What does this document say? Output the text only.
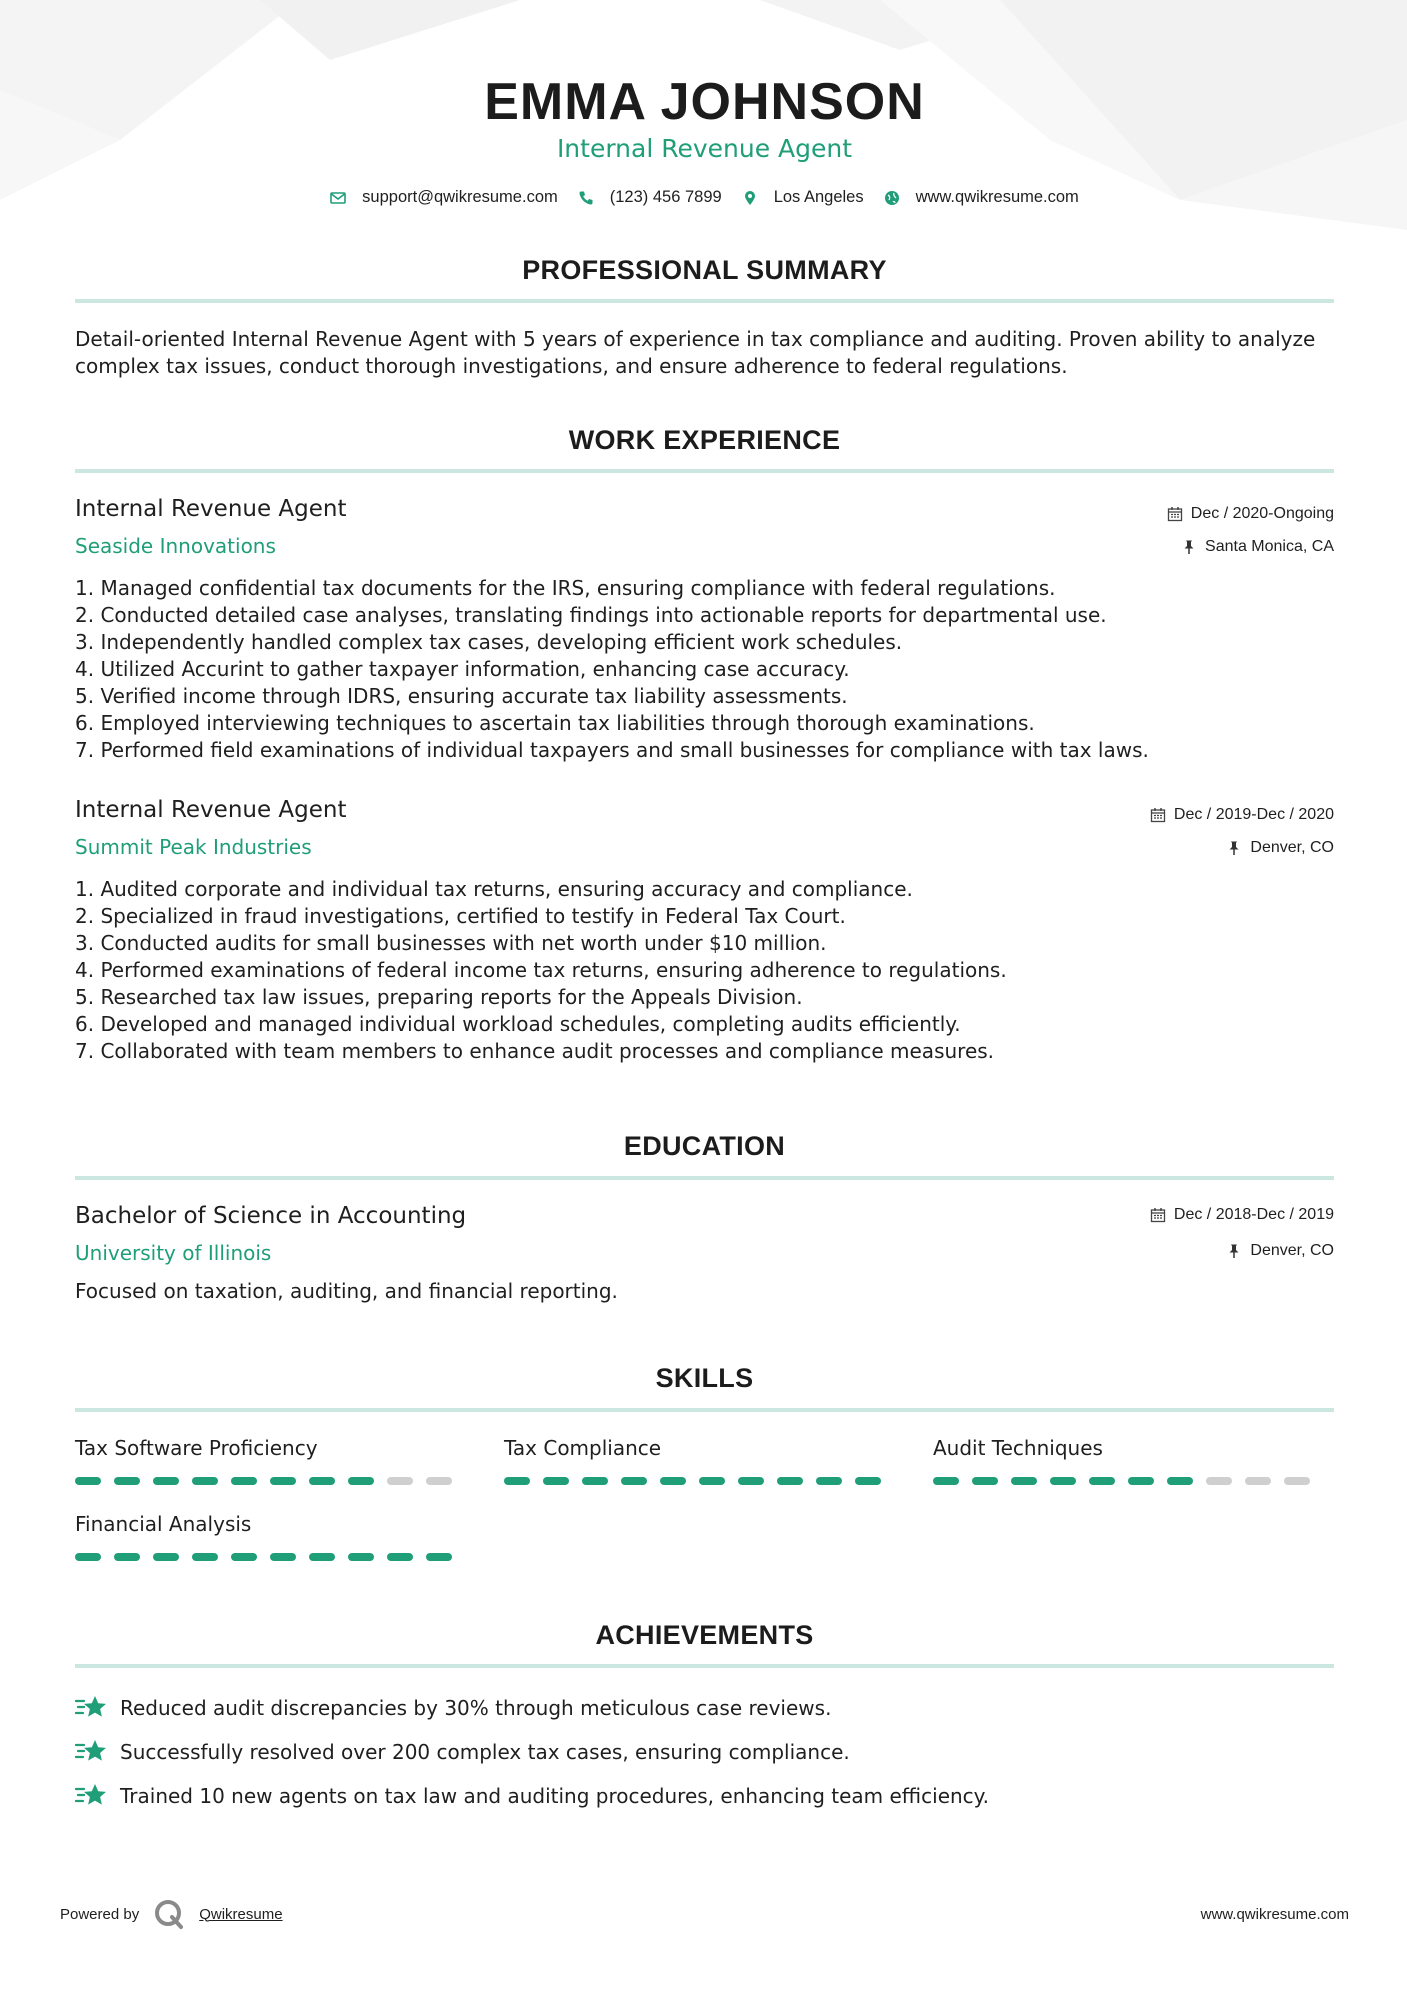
EMMA JOHNSON
Internal Revenue Agent
support@qwikresume.com	(123) 456 7899	Los Angeles	www.qwikresume.com
PROFESSIONAL SUMMARY
Detail-oriented Internal Revenue Agent with 5 years of experience in tax compliance and auditing. Proven ability to analyze complex tax issues, conduct thorough investigations, and ensure adherence to federal regulations.
WORK EXPERIENCE
Internal Revenue Agent
Seaside Innovations
Dec / 2020-Ongoing
Santa Monica, CA
1. Managed confidential tax documents for the IRS, ensuring compliance with federal regulations.
2. Conducted detailed case analyses, translating findings into actionable reports for departmental use.
3. Independently handled complex tax cases, developing efficient work schedules.
4. Utilized Accurint to gather taxpayer information, enhancing case accuracy.
5. Verified income through IDRS, ensuring accurate tax liability assessments.
6. Employed interviewing techniques to ascertain tax liabilities through thorough examinations.
7. Performed field examinations of individual taxpayers and small businesses for compliance with tax laws.
Internal Revenue Agent
Summit Peak Industries
Dec / 2019-Dec / 2020
Denver, CO
1. Audited corporate and individual tax returns, ensuring accuracy and compliance.
2. Specialized in fraud investigations, certified to testify in Federal Tax Court.
3. Conducted audits for small businesses with net worth under $10 million.
4. Performed examinations of federal income tax returns, ensuring adherence to regulations.
5. Researched tax law issues, preparing reports for the Appeals Division.
6. Developed and managed individual workload schedules, completing audits efficiently.
7. Collaborated with team members to enhance audit processes and compliance measures.
EDUCATION
Bachelor of Science in Accounting
University of Illinois
Dec / 2018-Dec / 2019
Denver, CO
Focused on taxation, auditing, and financial reporting.
SKILLS
Tax Software Proficiency	Tax Compliance	Audit Techniques
Financial Analysis
ACHIEVEMENTS
Reduced audit discrepancies by 30% through meticulous case reviews.
Successfully resolved over 200 complex tax cases, ensuring compliance.
Trained 10 new agents on tax law and auditing procedures, enhancing team efficiency.
Powered by	Qwikresume	www.qwikresume.com
